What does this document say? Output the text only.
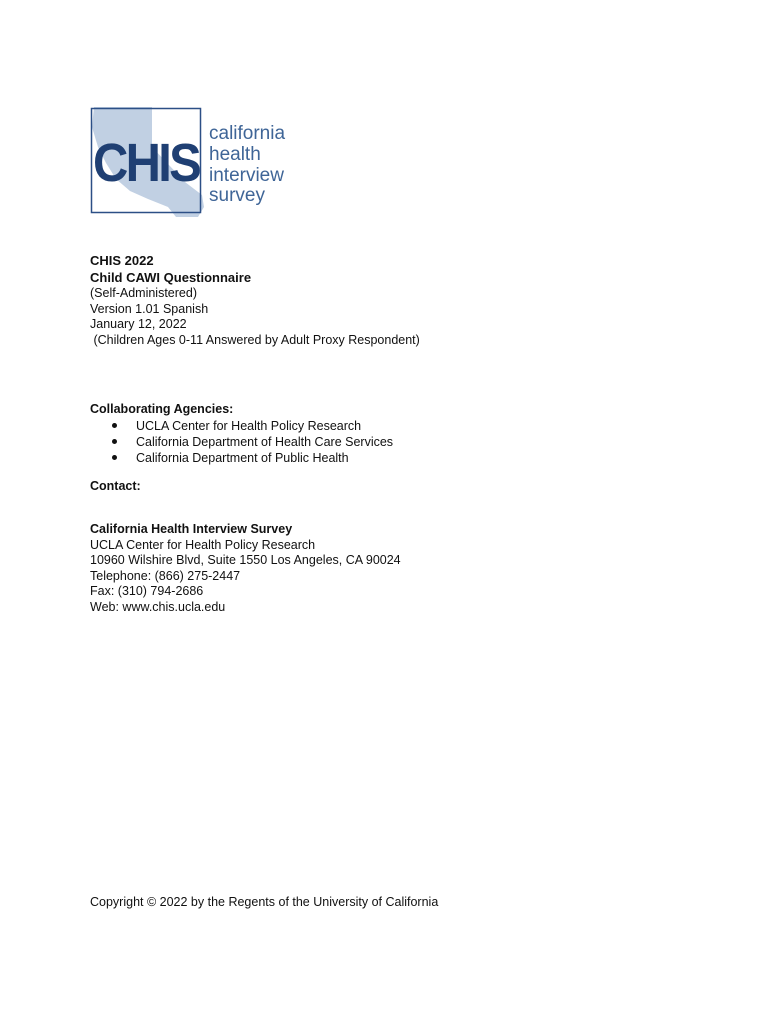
CHIS california
health
interview
survey
CHIS 2022
Child CAWI Questionnaire
(Self-Administered)
Version 1.01 Spanish
January 12, 2022
(Children Ages 0-11 Answered by Adult Proxy Respondent)
Collaborating Agencies:
UCLA Center for Health Policy Research
California Department of Health Care Services
California Department of Public Health
Contact:
California Health Interview Survey
UCLA Center for Health Policy Research
10960 Wilshire Blvd, Suite 1550 Los Angeles, CA 90024
Telephone: (866) 275-2447
Fax: (310) 794-2686
Web: www.chis.ucla.edu
Copyright © 2022 by the Regents of the University of California
